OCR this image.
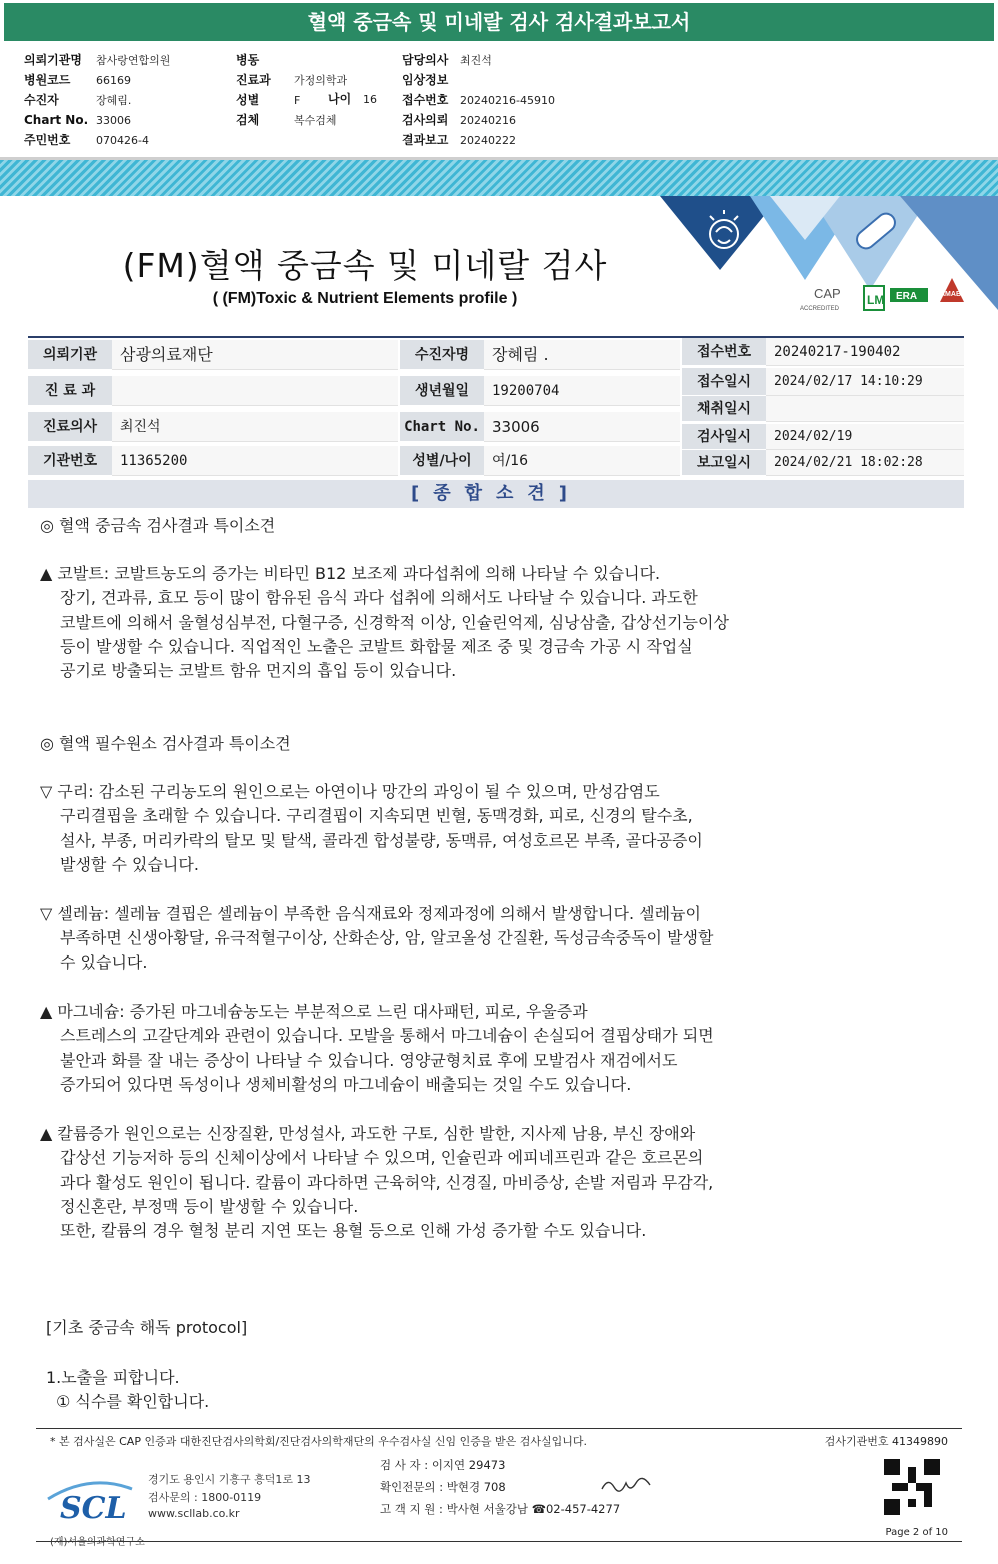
혈액 중금속 및 미네랄 검사 검사결과보고서
의뢰기관명 참사랑연합의원
병원코드 66169
수진자	장혜림.
Chart No. 33006
주민번호 070426-4
병동
진료과 가정의학과
성별	F
검체	복수검체
담당의사 최진석
임상정보
접수번호 20240216-45910
검사의뢰 20240216
결과보고 20240222
나이 16
(FM)혈액 중금속 및 미네랄 검사
( (FM)Toxic & Nutrient Elements profile )	CAP
ACCREDITED
LM ERA	AMAB
의뢰기관	삼광의료재단
진 료 과
진료의사	최진석
기관번호	11365200
수진자명	장혜림 .
생년월일	19200704
Chart No. 33006
성별/나이	여/16
접수번호	20240217-190402
접수일시	2024/02/17 14:10:29
채취일시
검사일시	2024/02/19
보고일시	2024/02/21 18:02:28
[종합소견]
◎ 혈액 중금속 검사결과 특이소견
▲ 코발트: 코발트농도의 증가는 비타민 B12 보조제 과다섭취에 의해 나타날 수 있습니다.
장기, 견과류, 효모 등이 많이 함유된 음식 과다 섭취에 의해서도 나타날 수 있습니다. 과도한
코발트에 의해서 울혈성심부전, 다혈구증, 신경학적 이상, 인슐린억제, 심낭삼출, 갑상선기능이상
등이 발생할 수 있습니다. 직업적인 노출은 코발트 화합물 제조 중 및 경금속 가공 시 작업실
공기로 방출되는 코발트 함유 먼지의 흡입 등이 있습니다.
◎ 혈액 필수원소 검사결과 특이소견
▽ 구리: 감소된 구리농도의 원인으로는 아연이나 망간의 과잉이 될 수 있으며, 만성감염도
구리결핍을 초래할 수 있습니다. 구리결핍이 지속되면 빈혈, 동맥경화, 피로, 신경의 탈수초,
설사, 부종, 머리카락의 탈모 및 탈색, 콜라겐 합성불량, 동맥류, 여성호르몬 부족, 골다공증이
발생할 수 있습니다.
▽ 셀레늄: 셀레늄 결핍은 셀레늄이 부족한 음식재료와 정제과정에 의해서 발생합니다. 셀레늄이
부족하면 신생아황달, 유극적혈구이상, 산화손상, 암, 알코올성 간질환, 독성금속중독이 발생할
수 있습니다.
▲ 마그네슘: 증가된 마그네슘농도는 부분적으로 느린 대사패턴, 피로, 우울증과
스트레스의 고갈단계와 관련이 있습니다. 모발을 통해서 마그네슘이 손실되어 결핍상태가 되면
불안과 화를 잘 내는 증상이 나타날 수 있습니다. 영양균형치료 후에 모발검사 재검에서도
증가되어 있다면 독성이나 생체비활성의 마그네슘이 배출되는 것일 수도 있습니다.
▲ 칼륨증가 원인으로는 신장질환, 만성설사, 과도한 구토, 심한 발한, 지사제 남용, 부신 장애와
갑상선 기능저하 등의 신체이상에서 나타날 수 있으며, 인슐린과 에피네프린과 같은 호르몬의
과다 활성도 원인이 됩니다. 칼륨이 과다하면 근육허약, 신경질, 마비증상, 손발 저림과 무감각,
정신혼란, 부정맥 등이 발생할 수 있습니다.
또한, 칼륨의 경우 혈청 분리 지연 또는 용혈 등으로 인해 가성 증가할 수도 있습니다.
[기초 중금속 해독 protocol]
1.노출을 피합니다.
① 식수를 확인합니다.
* 본 검사실은 CAP 인증과 대한진단검사의학회/진단검사의학재단의 우수검사실 신임 인증을 받은 검사실입니다.	검사기관번호 41349890
SCL
(재)서울의과학연구소
경기도 용인시 기흥구 흥덕1로 13
검사문의 : 1800-0119
www.scllab.co.kr
검 사 자 : 이지연 29473
확인전문의 : 박현경 708
고 객 지 원 : 박사현 서울강남 ☎02-457-4277
Page 2 of 10
